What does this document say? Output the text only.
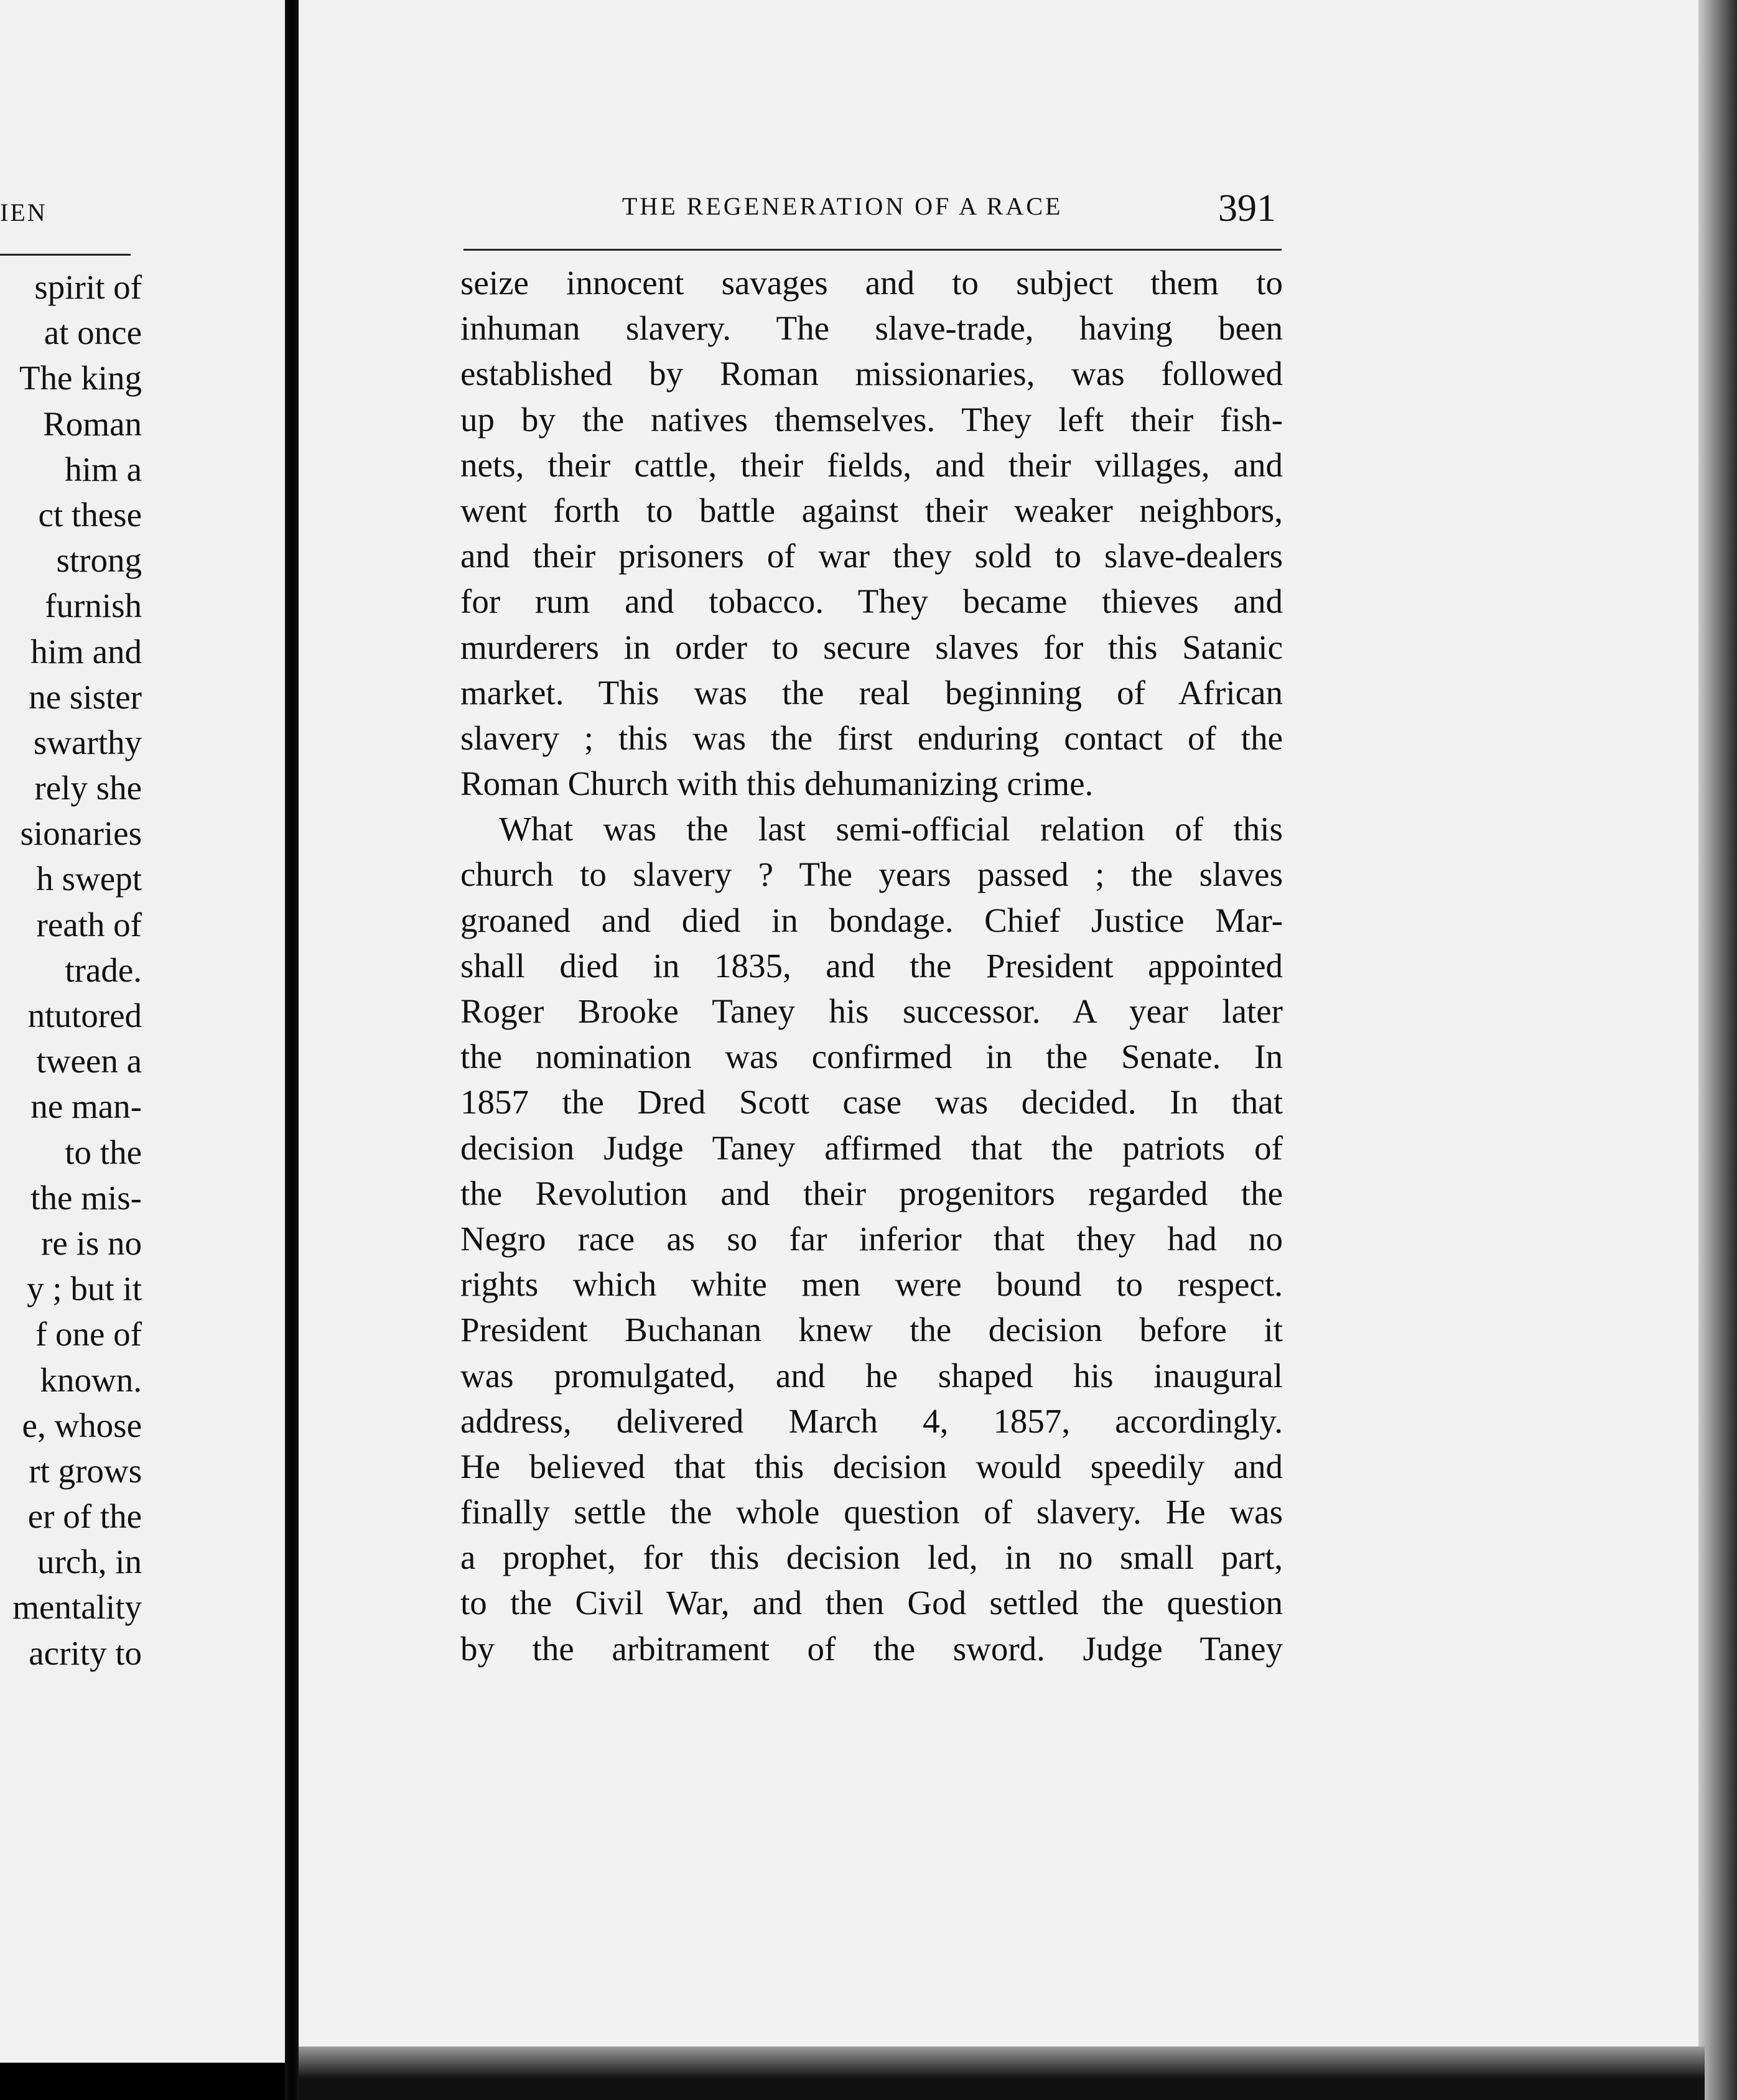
IEN
spirit of
at once
The king
Roman
him a
ct these
strong
furnish
him and
ne sister
swarthy
rely she
sionaries
h swept
reath of
trade.
ntutored
tween a
ne man-
to the
the mis-
re is no
y ; but it
f one of
known.
e, whose
rt grows
er of the
urch, in
mentality
acrity to
THE REGENERATION OF A RACE	391
seize innocent savages and to subject them to
inhuman slavery. The slave-trade, having been
established by Roman missionaries, was followed
up by the natives themselves. They left their fish-
nets, their cattle, their fields, and their villages, and
went forth to battle against their weaker neighbors,
and their prisoners of war they sold to slave-dealers
for rum and tobacco. They became thieves and
murderers in order to secure slaves for this Satanic
market. This was the real beginning of African
slavery ; this was the first enduring contact of the
Roman Church with this dehumanizing crime.
What was the last semi-official relation of this
church to slavery ? The years passed ; the slaves
groaned and died in bondage. Chief Justice Mar-
shall died in 1835, and the President appointed
Roger Brooke Taney his successor. A year later
the nomination was confirmed in the Senate. In
1857 the Dred Scott case was decided. In that
decision Judge Taney affirmed that the patriots of
the Revolution and their progenitors regarded the
Negro race as so far inferior that they had no
rights which white men were bound to respect.
President Buchanan knew the decision before it
was promulgated, and he shaped his inaugural
address, delivered March 4, 1857, accordingly.
He believed that this decision would speedily and
finally settle the whole question of slavery. He was
a prophet, for this decision led, in no small part,
to the Civil War, and then God settled the question
by the arbitrament of the sword. Judge Taney
